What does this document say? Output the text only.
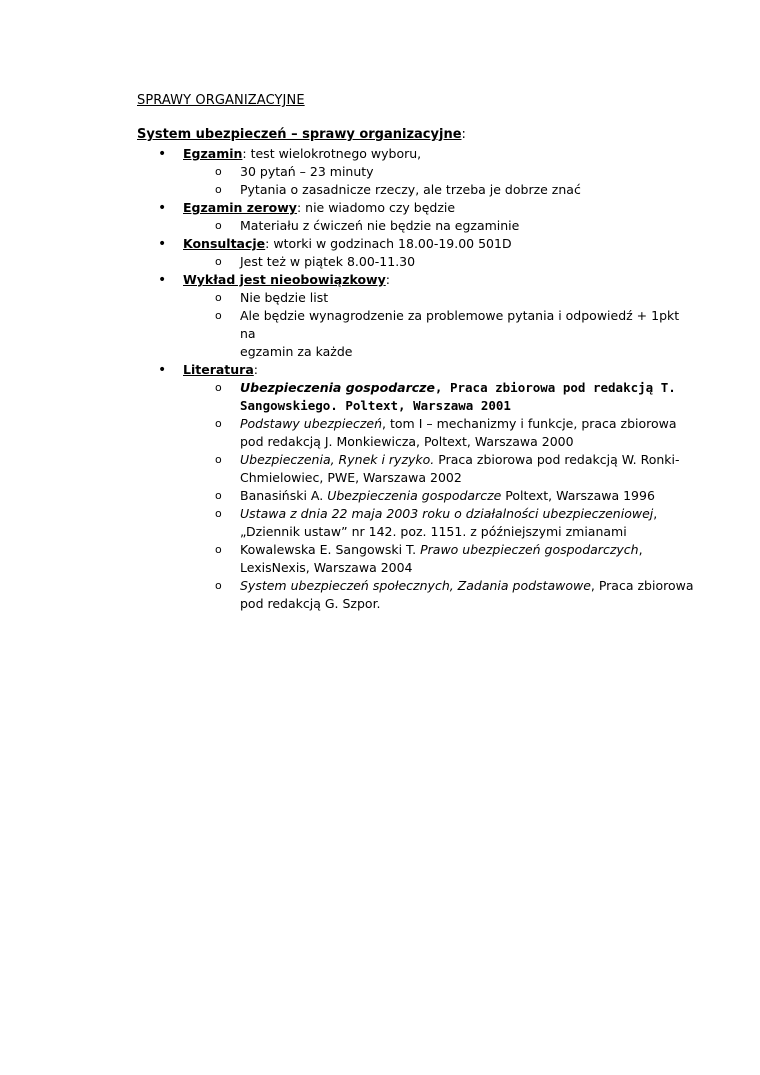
SPRAWY ORGANIZACYJNE
System ubezpieczeń – sprawy organizacyjne:
• Egzamin: test wielokrotnego wyboru,
o 30 pytań – 23 minuty
o Pytania o zasadnicze rzeczy, ale trzeba je dobrze znać
• Egzamin zerowy: nie wiadomo czy będzie
o Materiału z ćwiczeń nie będzie na egzaminie
• Konsultacje: wtorki w godzinach 18.00-19.00 501D
o Jest też w piątek 8.00-11.30
• Wykład jest nieobowiązkowy:
o Nie będzie list
o Ale będzie wynagrodzenie za problemowe pytania i odpowiedź + 1pkt na
egzamin za każde
• Literatura:
o Ubezpieczenia gospodarcze, Praca zbiorowa pod redakcją T.
Sangowskiego. Poltext, Warszawa 2001
o Podstawy ubezpieczeń, tom I – mechanizmy i funkcje, praca zbiorowa
pod redakcją J. Monkiewicza, Poltext, Warszawa 2000
o Ubezpieczenia, Rynek i ryzyko. Praca zbiorowa pod redakcją W. Ronki-
Chmielowiec, PWE, Warszawa 2002
o Banasiński A. Ubezpieczenia gospodarcze Poltext, Warszawa 1996
o Ustawa z dnia 22 maja 2003 roku o działalności ubezpieczeniowej,
„Dziennik ustaw” nr 142. poz. 1151. z późniejszymi zmianami
o Kowalewska E. Sangowski T. Prawo ubezpieczeń gospodarczych,
LexisNexis, Warszawa 2004
o System ubezpieczeń społecznych, Zadania podstawowe, Praca zbiorowa
pod redakcją G. Szpor.
